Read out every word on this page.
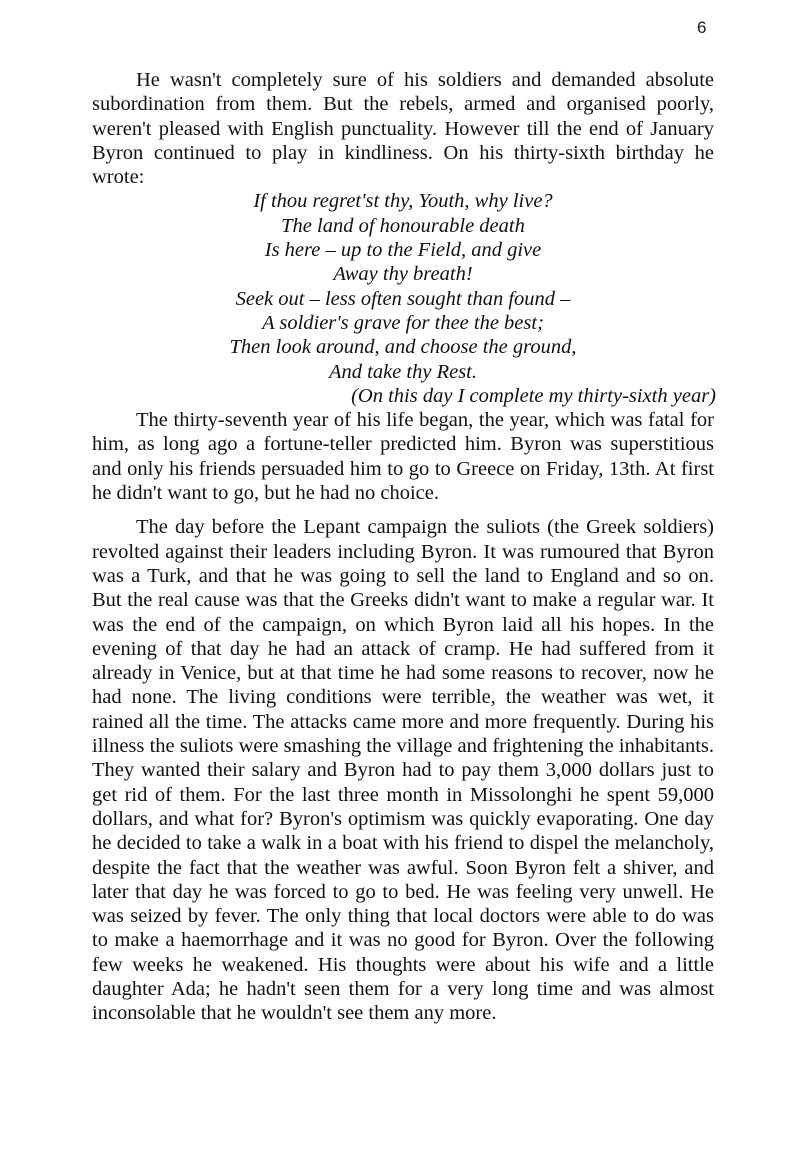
6

He wasn't completely sure of his soldiers and demanded absolute subordination from them. But the rebels, armed and organised poorly, weren't pleased with English punctuality. However till the end of January Byron continued to play in kindliness. On his thirty-sixth birthday he wrote:

If thou regret'st thy, Youth, why live?
The land of honourable death
Is here – up to the Field, and give
Away thy breath!
Seek out – less often sought than found –
A soldier's grave for thee the best;
Then look around, and choose the ground,
And take thy Rest.
(On this day I complete my thirty-sixth year)

The thirty-seventh year of his life began, the year, which was fatal for him, as long ago a fortune-teller predicted him. Byron was superstitious and only his friends persuaded him to go to Greece on Friday, 13th. At first he didn't want to go, but he had no choice.

The day before the Lepant campaign the suliots (the Greek soldiers) revolted against their leaders including Byron. It was rumoured that Byron was a Turk, and that he was going to sell the land to England and so on. But the real cause was that the Greeks didn't want to make a regular war. It was the end of the campaign, on which Byron laid all his hopes. In the evening of that day he had an attack of cramp. He had suffered from it already in Venice, but at that time he had some reasons to recover, now he had none. The living conditions were terrible, the weather was wet, it rained all the time. The attacks came more and more frequently. During his illness the suliots were smashing the village and frightening the inhabitants. They wanted their salary and Byron had to pay them 3,000 dollars just to get rid of them. For the last three month in Missolonghi he spent 59,000 dollars, and what for? Byron's optimism was quickly evaporating. One day he decided to take a walk in a boat with his friend to dispel the melancholy, despite the fact that the weather was awful. Soon Byron felt a shiver, and later that day he was forced to go to bed. He was feeling very unwell. He was seized by fever. The only thing that local doctors were able to do was to make a haemorrhage and it was no good for Byron. Over the following few weeks he weakened. His thoughts were about his wife and a little daughter Ada; he hadn't seen them for a very long time and was almost inconsolable that he wouldn't see them any more.
